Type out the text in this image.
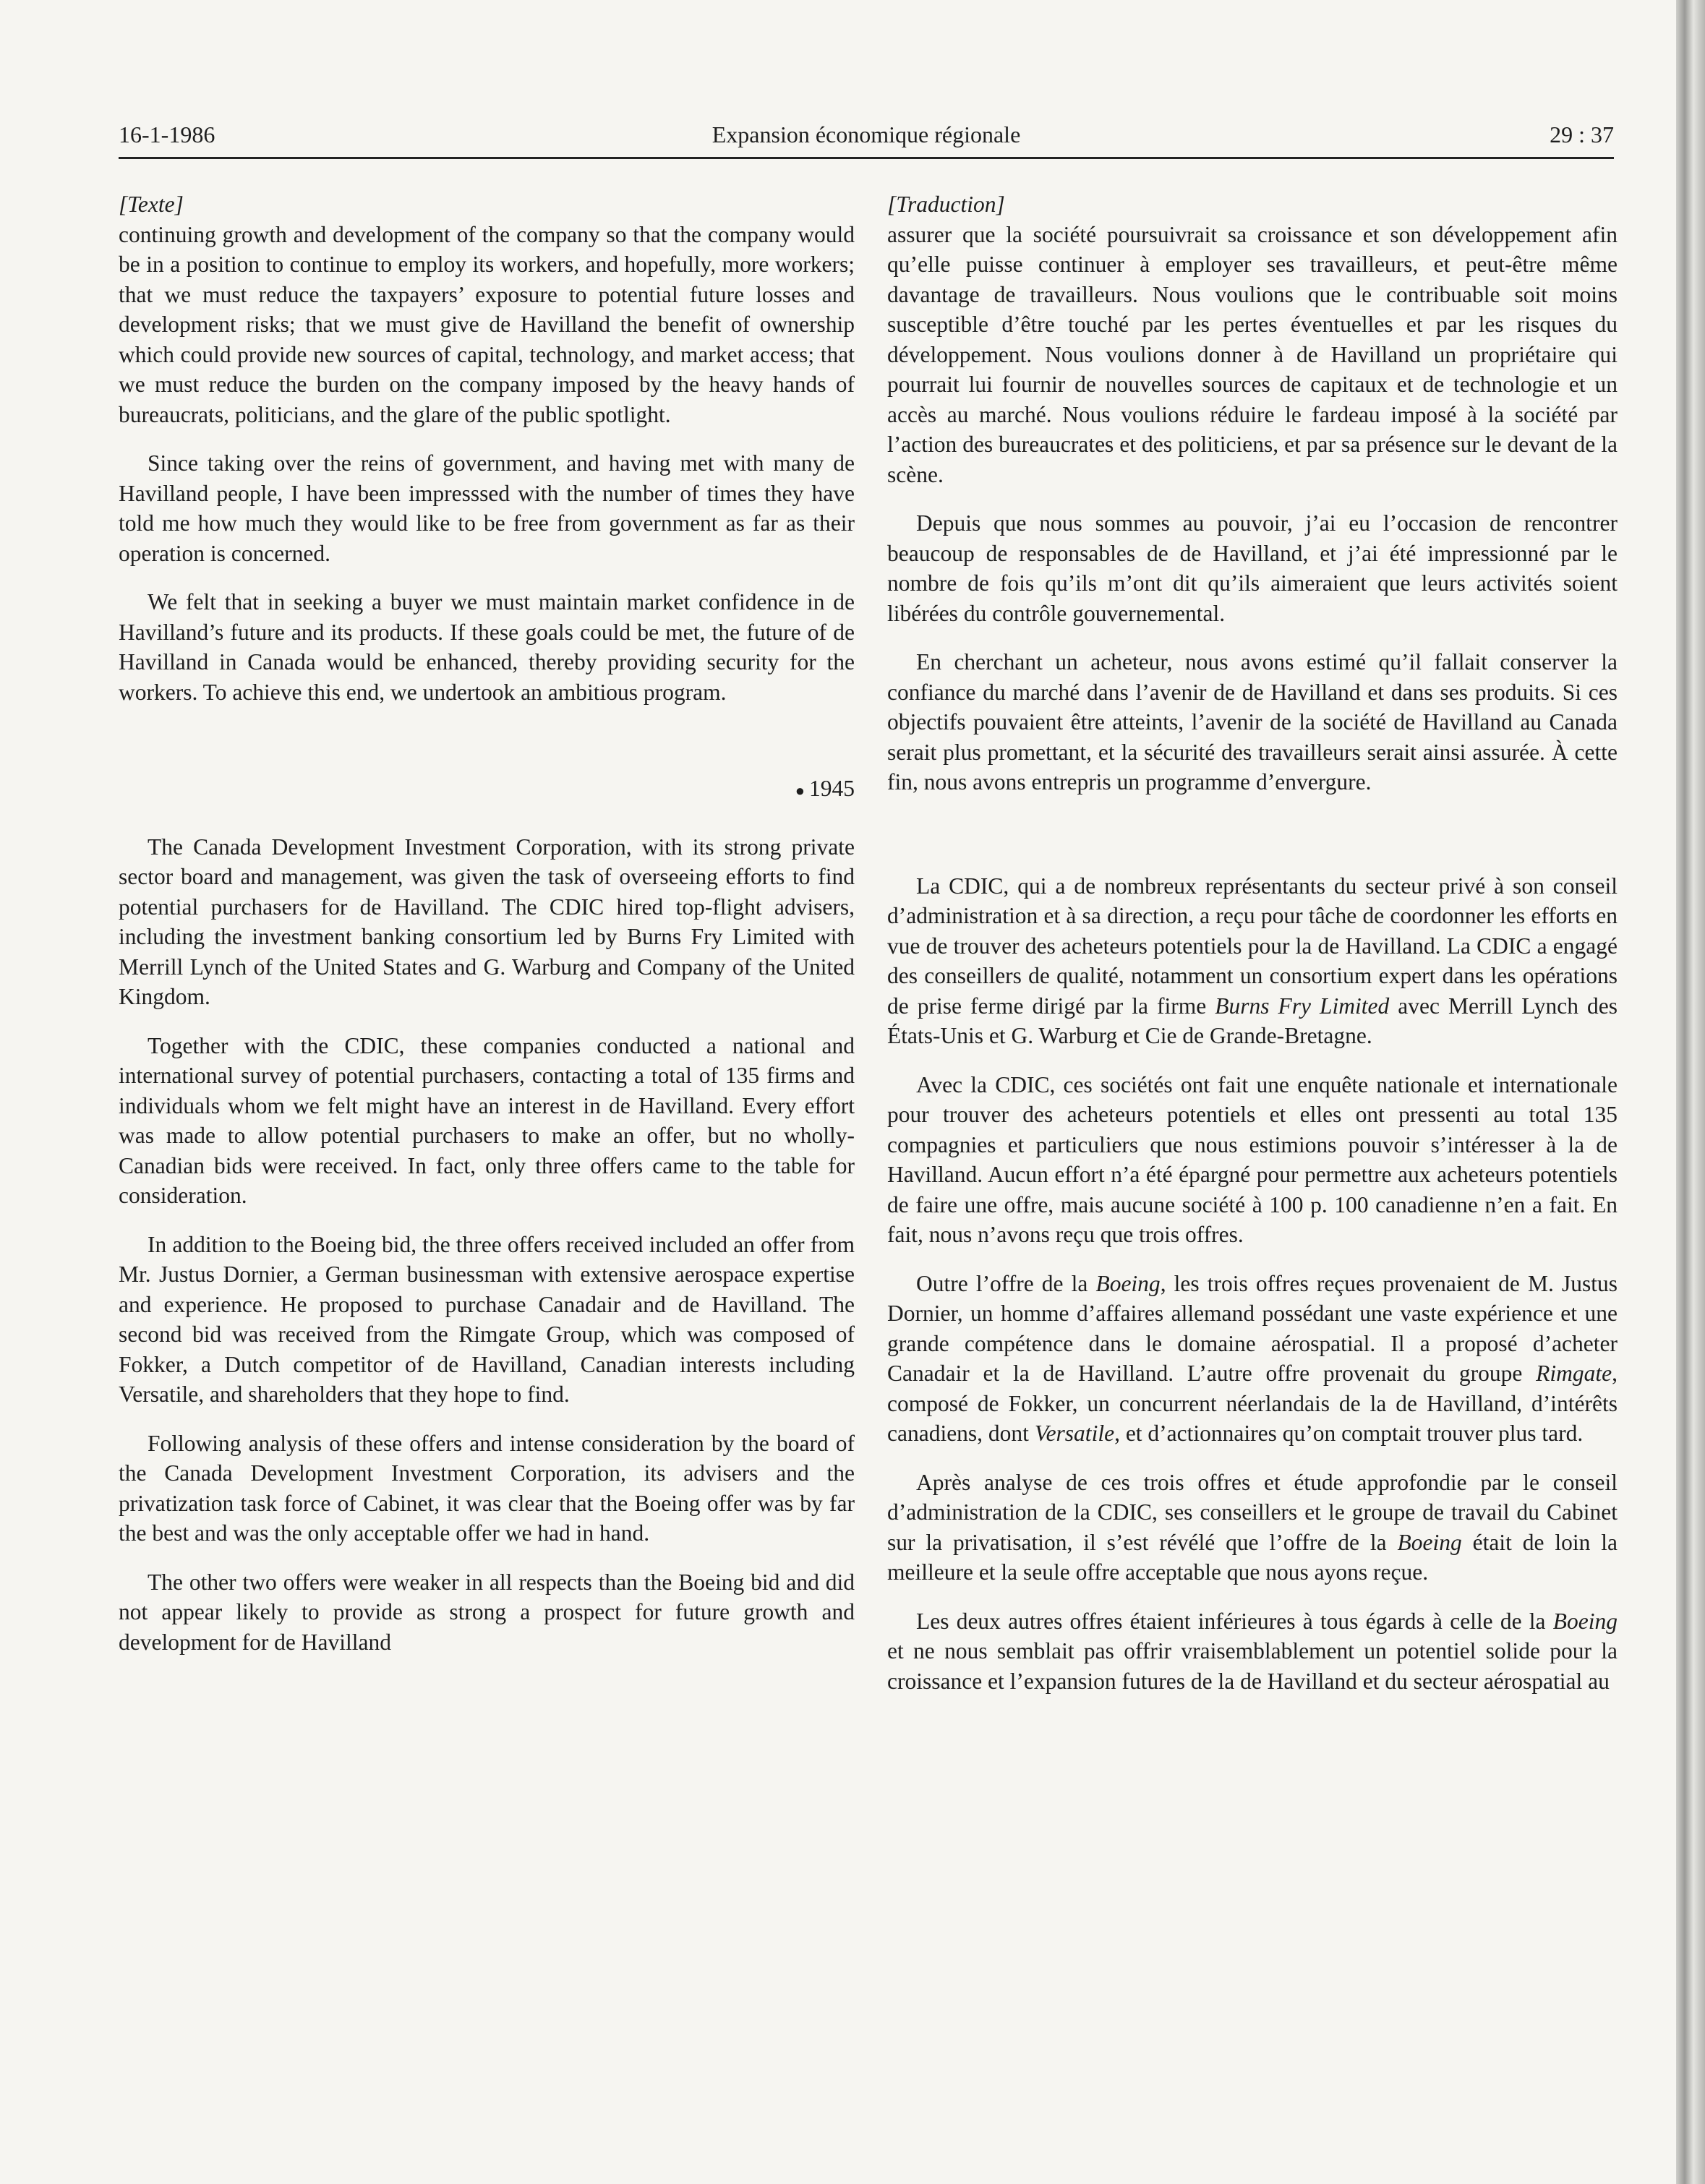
16-1-1986	Expansion économique régionale	29 : 37
[Texte]

continuing growth and development of the company so that the company would be in a position to continue to employ its workers, and hopefully, more workers; that we must reduce the taxpayers’ exposure to potential future losses and development risks; that we must give de Havilland the benefit of ownership which could provide new sources of capital, technology, and market access; that we must reduce the burden on the company imposed by the heavy hands of bureaucrats, politicians, and the glare of the public spotlight.

Since taking over the reins of government, and having met with many de Havilland people, I have been impresssed with the number of times they have told me how much they would like to be free from government as far as their operation is concerned.

We felt that in seeking a buyer we must maintain market confidence in de Havilland’s future and its products. If these goals could be met, the future of de Havilland in Canada would be enhanced, thereby providing security for the workers. To achieve this end, we undertook an ambitious program.

● 1945

The Canada Development Investment Corporation, with its strong private sector board and management, was given the task of overseeing efforts to find potential purchasers for de Havilland. The CDIC hired top-flight advisers, including the investment banking consortium led by Burns Fry Limited with Merrill Lynch of the United States and G. Warburg and Company of the United Kingdom.

Together with the CDIC, these companies conducted a national and international survey of potential purchasers, contacting a total of 135 firms and individuals whom we felt might have an interest in de Havilland. Every effort was made to allow potential purchasers to make an offer, but no wholly-Canadian bids were received. In fact, only three offers came to the table for consideration.

In addition to the Boeing bid, the three offers received included an offer from Mr. Justus Dornier, a German businessman with extensive aerospace expertise and experience. He proposed to purchase Canadair and de Havilland. The second bid was received from the Rimgate Group, which was composed of Fokker, a Dutch competitor of de Havilland, Canadian interests including Versatile, and shareholders that they hope to find.

Following analysis of these offers and intense consideration by the board of the Canada Development Investment Corporation, its advisers and the privatization task force of Cabinet, it was clear that the Boeing offer was by far the best and was the only acceptable offer we had in hand.

The other two offers were weaker in all respects than the Boeing bid and did not appear likely to provide as strong a prospect for future growth and development for de Havilland

[Traduction]

assurer que la société poursuivrait sa croissance et son développement afin qu’elle puisse continuer à employer ses travailleurs, et peut-être même davantage de travailleurs. Nous voulions que le contribuable soit moins susceptible d’être touché par les pertes éventuelles et par les risques du développement. Nous voulions donner à de Havilland un propriétaire qui pourrait lui fournir de nouvelles sources de capitaux et de technologie et un accès au marché. Nous voulions réduire le fardeau imposé à la société par l’action des bureaucrates et des politiciens, et par sa présence sur le devant de la scène.

Depuis que nous sommes au pouvoir, j’ai eu l’occasion de rencontrer beaucoup de responsables de de Havilland, et j’ai été impressionné par le nombre de fois qu’ils m’ont dit qu’ils aimeraient que leurs activités soient libérées du contrôle gouvernemental.

En cherchant un acheteur, nous avons estimé qu’il fallait conserver la confiance du marché dans l’avenir de de Havilland et dans ses produits. Si ces objectifs pouvaient être atteints, l’avenir de la société de Havilland au Canada serait plus promettant, et la sécurité des travailleurs serait ainsi assurée. À cette fin, nous avons entrepris un programme d’envergure.

La CDIC, qui a de nombreux représentants du secteur privé à son conseil d’administration et à sa direction, a reçu pour tâche de coordonner les efforts en vue de trouver des acheteurs potentiels pour la de Havilland. La CDIC a engagé des conseillers de qualité, notamment un consortium expert dans les opérations de prise ferme dirigé par la firme Burns Fry Limited avec Merrill Lynch des États-Unis et G. Warburg et Cie de Grande-Bretagne.

Avec la CDIC, ces sociétés ont fait une enquête nationale et internationale pour trouver des acheteurs potentiels et elles ont pressenti au total 135 compagnies et particuliers que nous estimions pouvoir s’intéresser à la de Havilland. Aucun effort n’a été épargné pour permettre aux acheteurs potentiels de faire une offre, mais aucune société à 100 p. 100 canadienne n’en a fait. En fait, nous n’avons reçu que trois offres.

Outre l’offre de la Boeing, les trois offres reçues provenaient de M. Justus Dornier, un homme d’affaires allemand possédant une vaste expérience et une grande compétence dans le domaine aérospatial. Il a proposé d’acheter Canadair et la de Havilland. L’autre offre provenait du groupe Rimgate, composé de Fokker, un concurrent néerlandais de la de Havilland, d’intérêts canadiens, dont Versatile, et d’actionnaires qu’on comptait trouver plus tard.

Après analyse de ces trois offres et étude approfondie par le conseil d’administration de la CDIC, ses conseillers et le groupe de travail du Cabinet sur la privatisation, il s’est révélé que l’offre de la Boeing était de loin la meilleure et la seule offre acceptable que nous ayons reçue.

Les deux autres offres étaient inférieures à tous égards à celle de la Boeing et ne nous semblait pas offrir vraisemblablement un potentiel solide pour la croissance et l’expansion futures de la de Havilland et du secteur aérospatial au
